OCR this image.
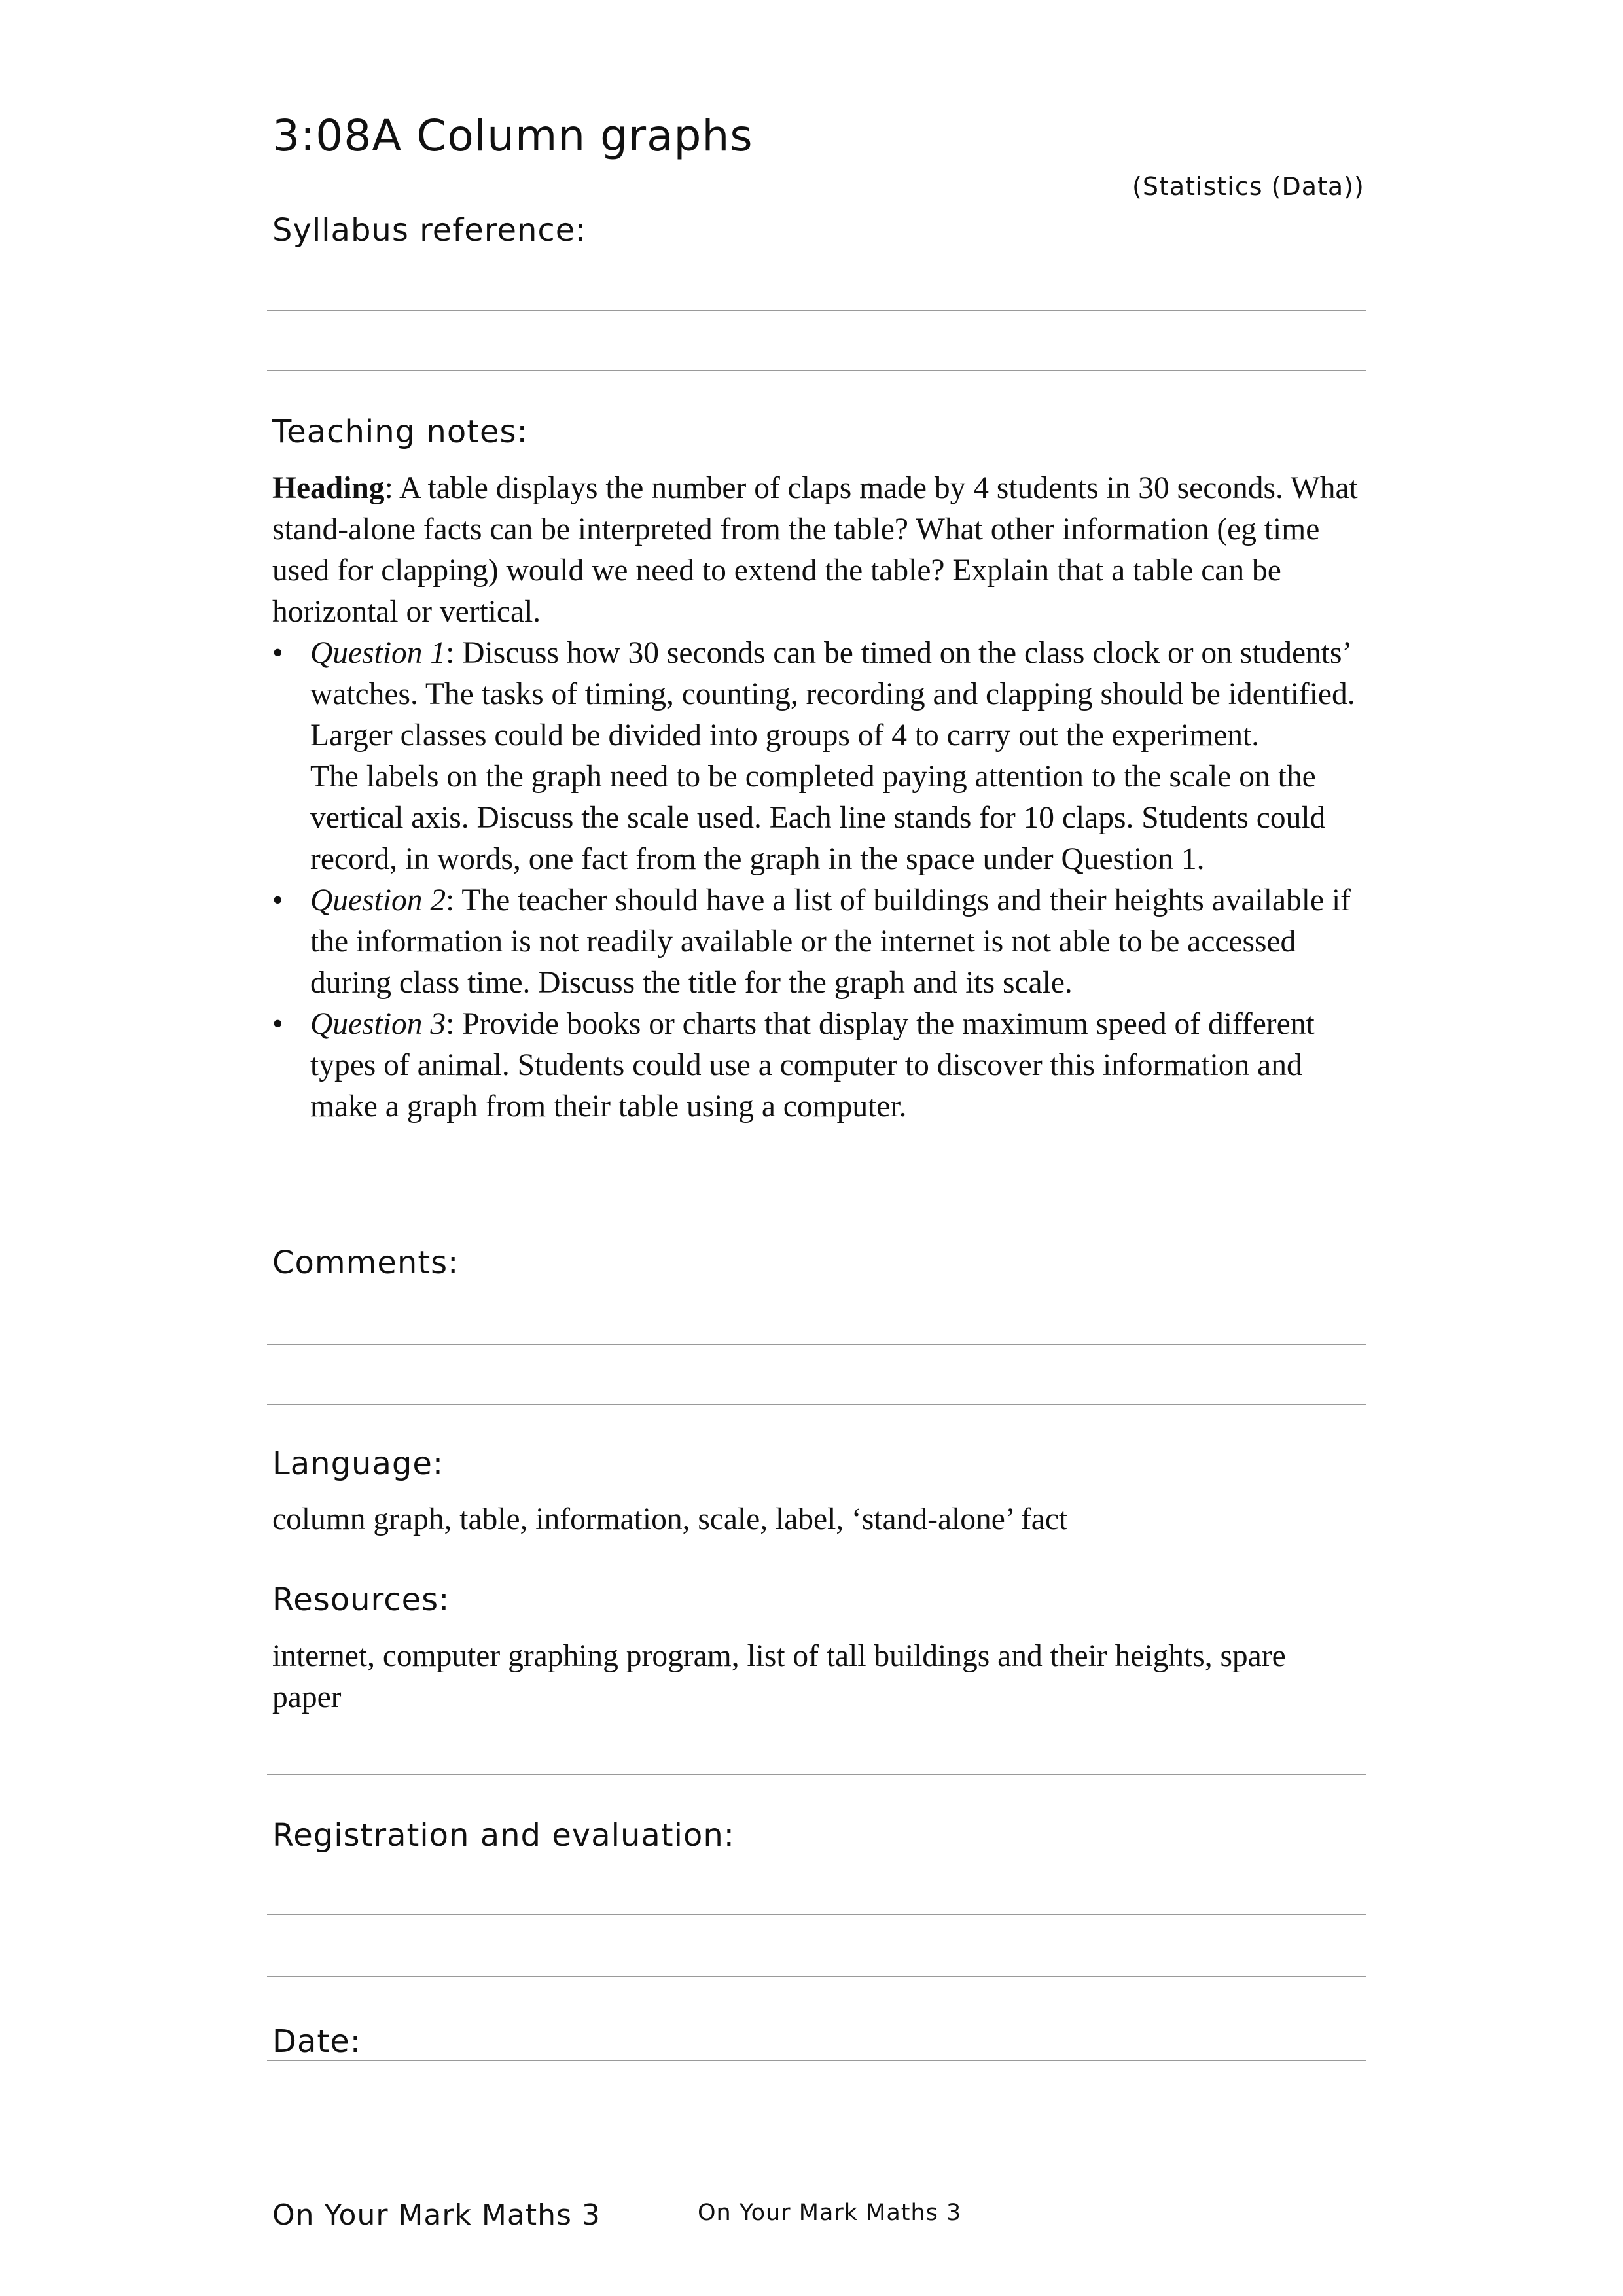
3:08A Column graphs
(Statistics (Data))
Syllabus reference:
Teaching notes:

Heading: A table displays the number of claps made by 4 students in 30 seconds. What stand-alone facts can be interpreted from the table? What other information (eg time used for clapping) would we need to extend the table? Explain that a table can be horizontal or vertical.

• Question 1: Discuss how 30 seconds can be timed on the class clock or on students’ watches. The tasks of timing, counting, recording and clapping should be identified. Larger classes could be divided into groups of 4 to carry out the experiment.

The labels on the graph need to be completed paying attention to the scale on the vertical axis. Discuss the scale used. Each line stands for 10 claps. Students could record, in words, one fact from the graph in the space under Question 1.

• Question 2: The teacher should have a list of buildings and their heights available if the information is not readily available or the internet is not able to be accessed during class time. Discuss the title for the graph and its scale.

• Question 3: Provide books or charts that display the maximum speed of different types of animal. Students could use a computer to discover this information and make a graph from their table using a computer.

Comments:
Language:
column graph, table, information, scale, label, ‘stand-alone’ fact
Resources:
internet, computer graphing program, list of tall buildings and their heights, spare paper
Registration and evaluation:
Date:
On Your Mark Maths 3	On Your Mark Maths 3
